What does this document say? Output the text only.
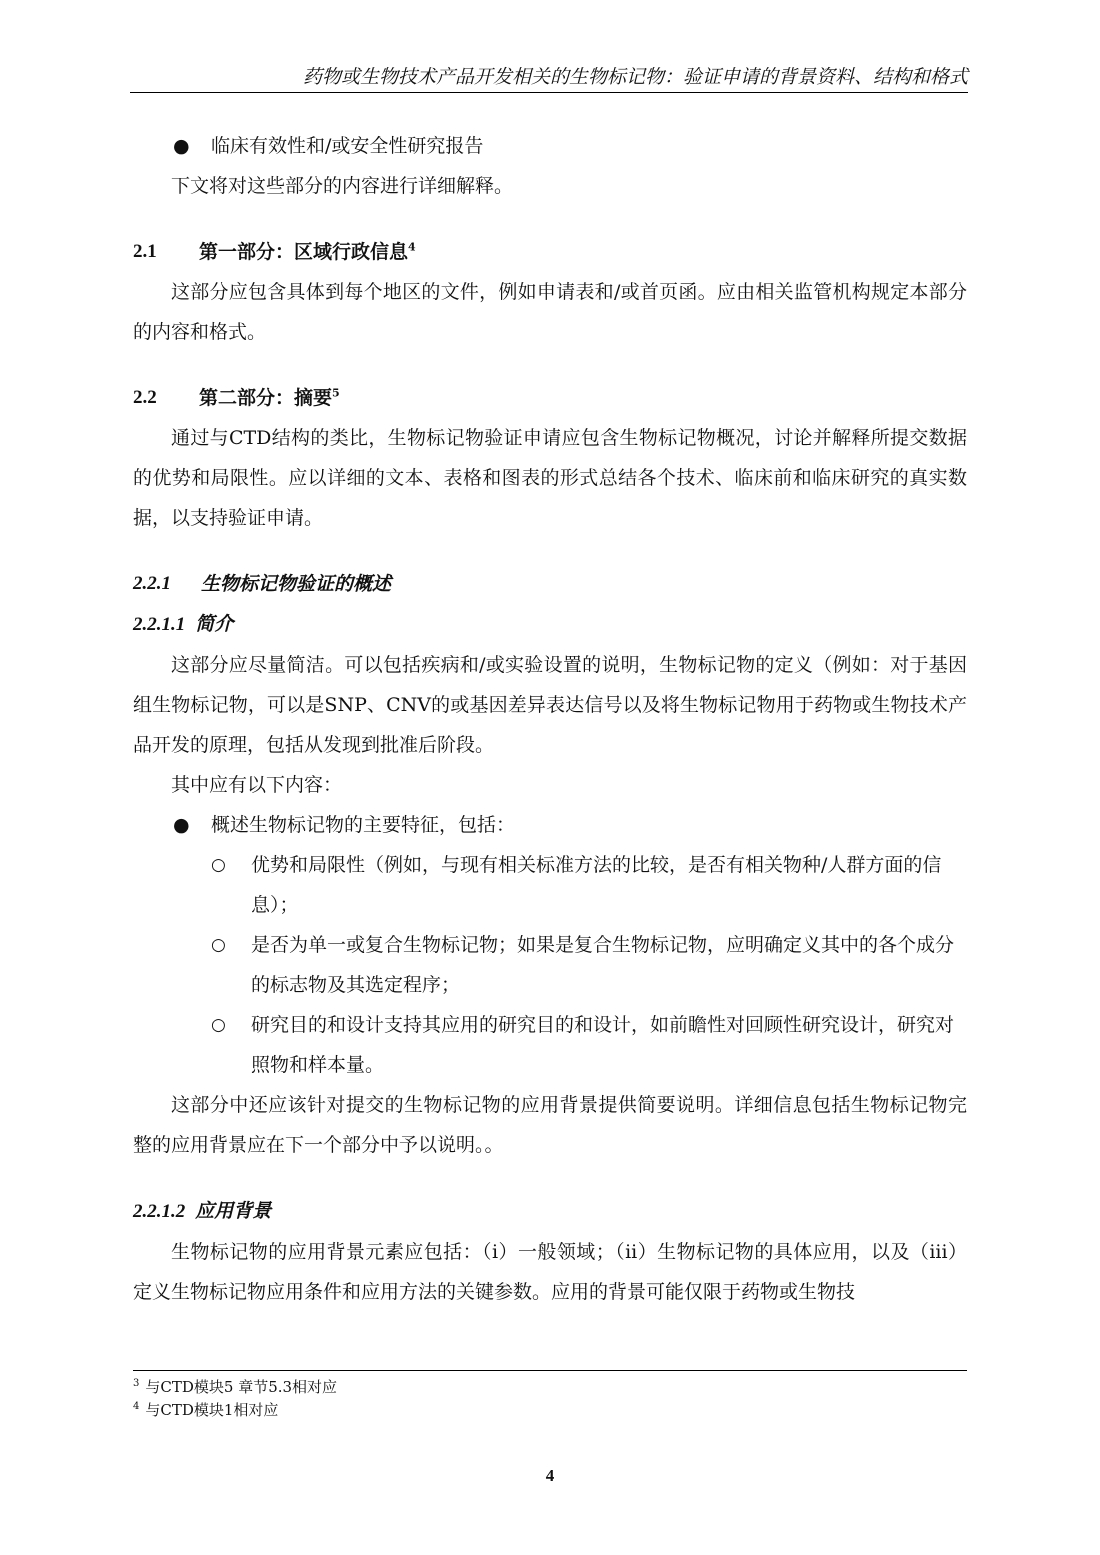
药物或生物技术产品开发相关的生物标记物：验证申请的背景资料、结构和格式
● 临床有效性和/或安全性研究报告

下文将对这些部分的内容进行详细解释。

2.1	第一部分：区域行政信息$^4$

这部分应包含具体到每个地区的文件，例如申请表和/或首页函。应由相关监管机构规定本部分的内容和格式。

2.2	第二部分：摘要$^5$

通过与CTD结构的类比，生物标记物验证申请应包含生物标记物概况，讨论并解释所提交数据的优势和局限性。应以详细的文本、表格和图表的形式总结各个技术、临床前和临床研究的真实数据，以支持验证申请。

2.2.1	生物标记物验证的概述
2.2.1.1 简介

这部分应尽量简洁。可以包括疾病和/或实验设置的说明，生物标记物的定义（例如：对于基因组生物标记物，可以是SNP、CNV的或基因差异表达信号以及将生物标记物用于药物或生物技术产品开发的原理，包括从发现到批准后阶段。

其中应有以下内容：

● 概述生物标记物的主要特征，包括：
○ 优势和局限性（例如，与现有相关标准方法的比较，是否有相关物种/人群方面的信息）；
○ 是否为单一或复合生物标记物；如果是复合生物标记物，应明确定义其中的各个成分的标志物及其选定程序；
○ 研究目的和设计支持其应用的研究目的和设计，如前瞻性对回顾性研究设计，研究对照物和样本量。

这部分中还应该针对提交的生物标记物的应用背景提供简要说明。详细信息包括生物标记物完整的应用背景应在下一个部分中予以说明。。

2.2.1.2 应用背景

生物标记物的应用背景元素应包括：（i）一般领域；（ii）生物标记物的具体应用，以及（iii）定义生物标记物应用条件和应用方法的关键参数。应用的背景可能仅限于药物或生物技

$^3$ 与CTD模块5 章节5.3相对应
$^4$ 与CTD模块1相对应
4
